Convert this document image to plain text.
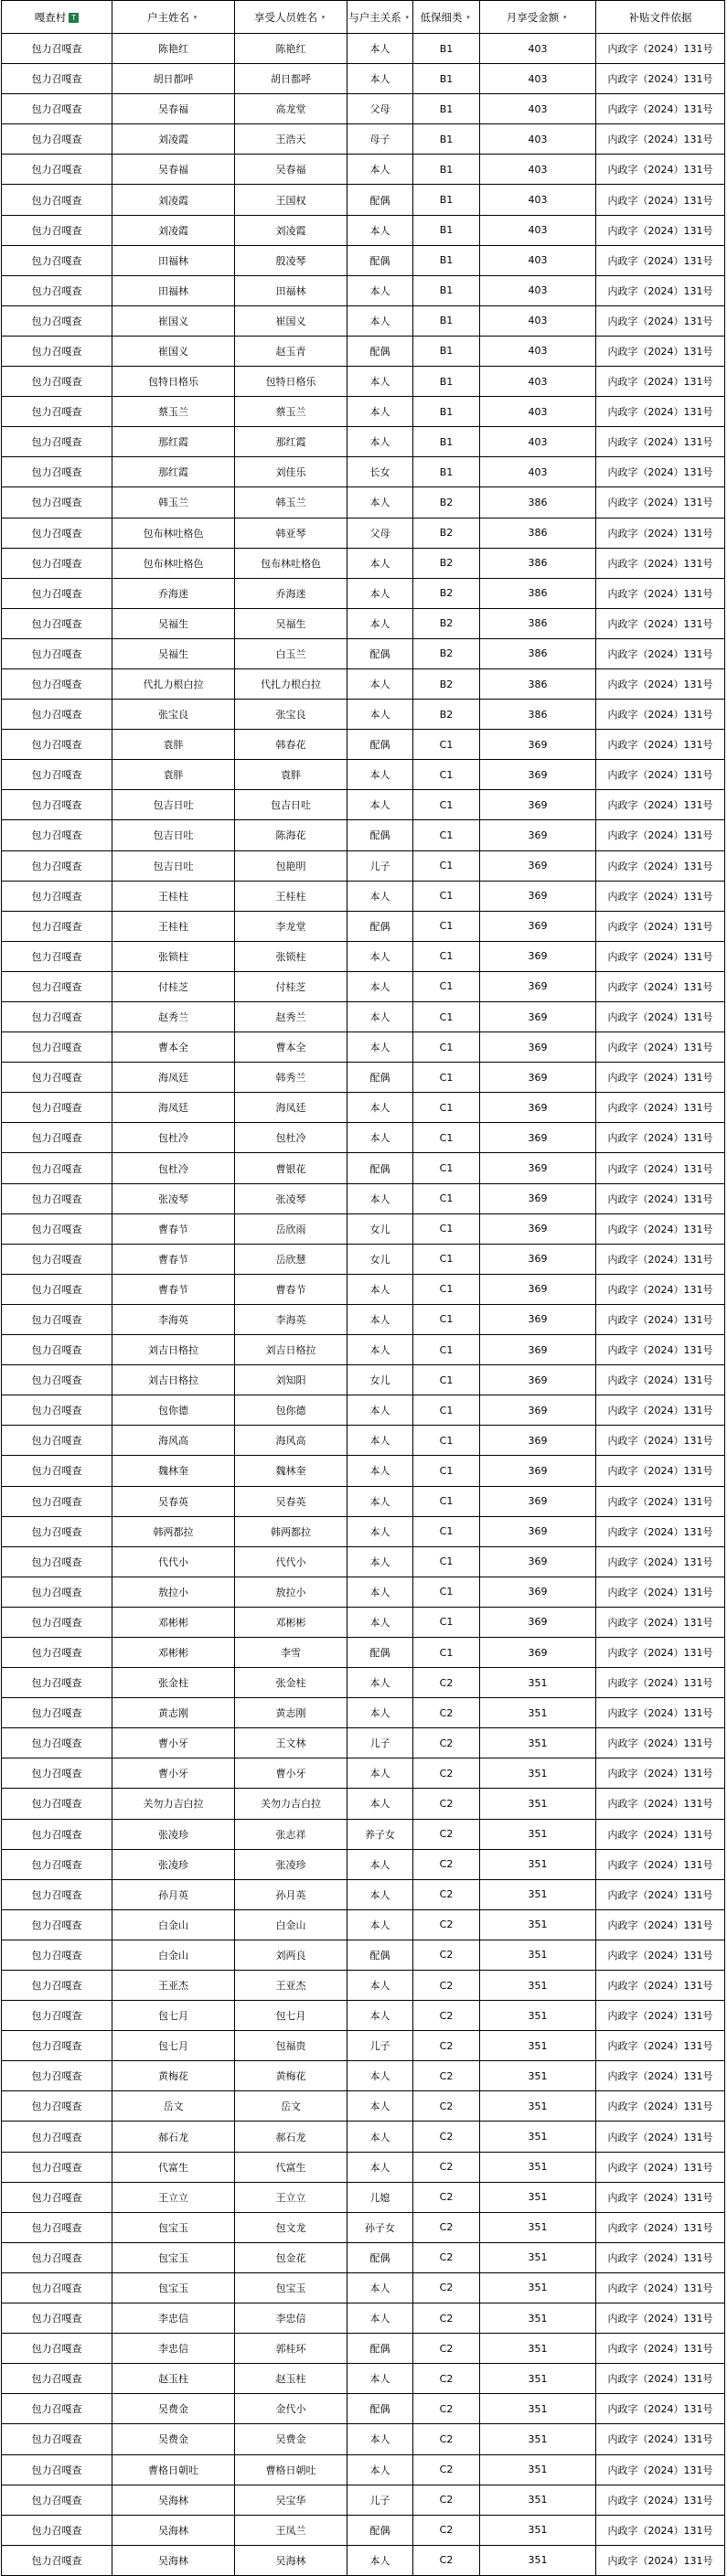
嘎查村 T	户主姓名 ▾	享受人员姓名 ▾	与户主关系 ▾	低保细类 ▾	月享受金额 ▾	补贴文件依据
包力召嘎查	陈艳红	陈艳红	本人	B1	403	内政字（2024）131号
包力召嘎查	胡日都呼	胡日都呼	本人	B1	403	内政字（2024）131号
包力召嘎查	吴春福	高龙堂	父母	B1	403	内政字（2024）131号
包力召嘎查	刘凌霞	王浩天	母子	B1	403	内政字（2024）131号
包力召嘎查	吴春福	吴春福	本人	B1	403	内政字（2024）131号
包力召嘎查	刘凌霞	王国权	配偶	B1	403	内政字（2024）131号
包力召嘎查	刘凌霞	刘凌霞	本人	B1	403	内政字（2024）131号
包力召嘎查	田福林	殷凌琴	配偶	B1	403	内政字（2024）131号
包力召嘎查	田福林	田福林	本人	B1	403	内政字（2024）131号
包力召嘎查	崔国义	崔国义	本人	B1	403	内政字（2024）131号
包力召嘎查	崔国义	赵玉青	配偶	B1	403	内政字（2024）131号
包力召嘎查	包特日格乐	包特日格乐	本人	B1	403	内政字（2024）131号
包力召嘎查	蔡玉兰	蔡玉兰	本人	B1	403	内政字（2024）131号
包力召嘎查	那红霞	那红霞	本人	B1	403	内政字（2024）131号
包力召嘎查	那红霞	刘佳乐	长女	B1	403	内政字（2024）131号
包力召嘎查	韩玉兰	韩玉兰	本人	B2	386	内政字（2024）131号
包力召嘎查	包布林吐格色	韩亚琴	父母	B2	386	内政字（2024）131号
包力召嘎查	包布林吐格色	包布林吐格色	本人	B2	386	内政字（2024）131号
包力召嘎查	乔海迷	乔海迷	本人	B2	386	内政字（2024）131号
包力召嘎查	吴福生	吴福生	本人	B2	386	内政字（2024）131号
包力召嘎查	吴福生	白玉兰	配偶	B2	386	内政字（2024）131号
包力召嘎查	代扎力根白拉	代扎力根白拉	本人	B2	386	内政字（2024）131号
包力召嘎查	张宝良	张宝良	本人	B2	386	内政字（2024）131号
包力召嘎查	袁胖	韩春花	配偶	C1	369	内政字（2024）131号
包力召嘎查	袁胖	袁胖	本人	C1	369	内政字（2024）131号
包力召嘎查	包吉日吐	包吉日吐	本人	C1	369	内政字（2024）131号
包力召嘎查	包吉日吐	陈海花	配偶	C1	369	内政字（2024）131号
包力召嘎查	包吉日吐	包艳明	儿子	C1	369	内政字（2024）131号
包力召嘎查	王桂柱	王桂柱	本人	C1	369	内政字（2024）131号
包力召嘎查	王桂柱	李龙堂	配偶	C1	369	内政字（2024）131号
包力召嘎查	张锁柱	张锁柱	本人	C1	369	内政字（2024）131号
包力召嘎查	付桂芝	付桂芝	本人	C1	369	内政字（2024）131号
包力召嘎查	赵秀兰	赵秀兰	本人	C1	369	内政字（2024）131号
包力召嘎查	曹本全	曹本全	本人	C1	369	内政字（2024）131号
包力召嘎查	海凤廷	韩秀兰	配偶	C1	369	内政字（2024）131号
包力召嘎查	海凤廷	海凤廷	本人	C1	369	内政字（2024）131号
包力召嘎查	包杜冷	包杜冷	本人	C1	369	内政字（2024）131号
包力召嘎查	包杜冷	曹银花	配偶	C1	369	内政字（2024）131号
包力召嘎查	张凌琴	张凌琴	本人	C1	369	内政字（2024）131号
包力召嘎查	曹春节	岳欣雨	女儿	C1	369	内政字（2024）131号
包力召嘎查	曹春节	岳欣慧	女儿	C1	369	内政字（2024）131号
包力召嘎查	曹春节	曹春节	本人	C1	369	内政字（2024）131号
包力召嘎查	李海英	李海英	本人	C1	369	内政字（2024）131号
包力召嘎查	刘吉日格拉	刘吉日格拉	本人	C1	369	内政字（2024）131号
包力召嘎查	刘吉日格拉	刘知阳	女儿	C1	369	内政字（2024）131号
包力召嘎查	包你德	包你德	本人	C1	369	内政字（2024）131号
包力召嘎查	海风高	海风高	本人	C1	369	内政字（2024）131号
包力召嘎查	魏林奎	魏林奎	本人	C1	369	内政字（2024）131号
包力召嘎查	吴春英	吴春英	本人	C1	369	内政字（2024）131号
包力召嘎查	韩两都拉	韩两都拉	本人	C1	369	内政字（2024）131号
包力召嘎查	代代小	代代小	本人	C1	369	内政字（2024）131号
包力召嘎查	敖拉小	敖拉小	本人	C1	369	内政字（2024）131号
包力召嘎查	邓彬彬	邓彬彬	本人	C1	369	内政字（2024）131号
包力召嘎查	邓彬彬	李雪	配偶	C1	369	内政字（2024）131号
包力召嘎查	张金柱	张金柱	本人	C2	351	内政字（2024）131号
包力召嘎查	黄志刚	黄志刚	本人	C2	351	内政字（2024）131号
包力召嘎查	曹小牙	王文林	儿子	C2	351	内政字（2024）131号
包力召嘎查	曹小牙	曹小牙	本人	C2	351	内政字（2024）131号
包力召嘎查	关勿力吉白拉	关勿力吉白拉	本人	C2	351	内政字（2024）131号
包力召嘎查	张凌珍	张志祥	养子女	C2	351	内政字（2024）131号
包力召嘎查	张凌珍	张凌珍	本人	C2	351	内政字（2024）131号
包力召嘎查	孙月英	孙月英	本人	C2	351	内政字（2024）131号
包力召嘎查	白金山	白金山	本人	C2	351	内政字（2024）131号
包力召嘎查	白金山	刘两良	配偶	C2	351	内政字（2024）131号
包力召嘎查	王亚杰	王亚杰	本人	C2	351	内政字（2024）131号
包力召嘎查	包七月	包七月	本人	C2	351	内政字（2024）131号
包力召嘎查	包七月	包福贵	儿子	C2	351	内政字（2024）131号
包力召嘎查	黄梅花	黄梅花	本人	C2	351	内政字（2024）131号
包力召嘎查	岳文	岳文	本人	C2	351	内政字（2024）131号
包力召嘎查	郝石龙	郝石龙	本人	C2	351	内政字（2024）131号
包力召嘎查	代富生	代富生	本人	C2	351	内政字（2024）131号
包力召嘎查	王立立	王立立	儿媳	C2	351	内政字（2024）131号
包力召嘎查	包宝玉	包文龙	孙子女	C2	351	内政字（2024）131号
包力召嘎查	包宝玉	包金花	配偶	C2	351	内政字（2024）131号
包力召嘎查	包宝玉	包宝玉	本人	C2	351	内政字（2024）131号
包力召嘎查	李忠信	李忠信	本人	C2	351	内政字（2024）131号
包力召嘎查	李忠信	郭桂环	配偶	C2	351	内政字（2024）131号
包力召嘎查	赵玉柱	赵玉柱	本人	C2	351	内政字（2024）131号
包力召嘎查	吴费金	金代小	配偶	C2	351	内政字（2024）131号
包力召嘎查	吴费金	吴费金	本人	C2	351	内政字（2024）131号
包力召嘎查	曹格日朝吐	曹格日朝吐	本人	C2	351	内政字（2024）131号
包力召嘎查	吴海林	吴宝华	儿子	C2	351	内政字（2024）131号
包力召嘎查	吴海林	王凤兰	配偶	C2	351	内政字（2024）131号
包力召嘎查	吴海林	吴海林	本人	C2	351	内政字（2024）131号
